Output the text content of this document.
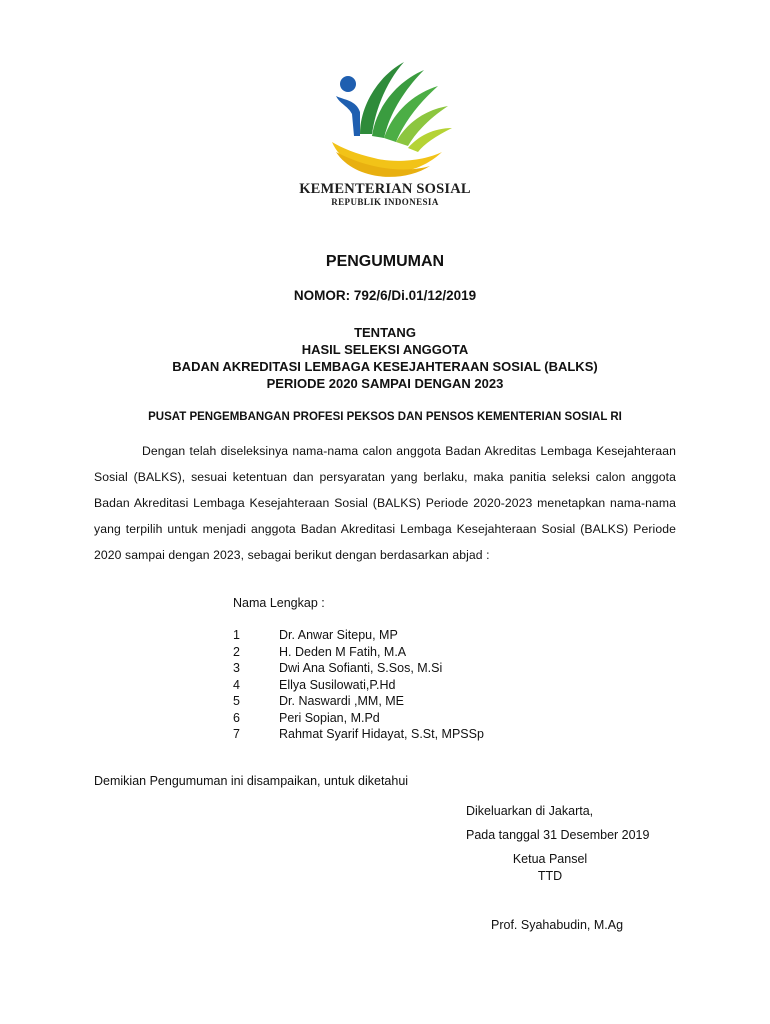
KEMENTERIAN SOSIAL
REPUBLIK INDONESIA
PENGUMUMAN
NOMOR: 792/6/Di.01/12/2019
TENTANG
HASIL SELEKSI ANGGOTA
BADAN AKREDITASI LEMBAGA KESEJAHTERAAN SOSIAL (BALKS)
PERIODE 2020 SAMPAI DENGAN 2023
PUSAT PENGEMBANGAN PROFESI PEKSOS DAN PENSOS KEMENTERIAN SOSIAL RI
Dengan telah diseleksinya nama-nama calon anggota Badan Akreditas Lembaga Kesejahteraan Sosial (BALKS), sesuai ketentuan dan persyaratan yang berlaku, maka panitia seleksi calon anggota Badan Akreditasi Lembaga Kesejahteraan Sosial (BALKS) Periode 2020-2023 menetapkan nama-nama yang terpilih untuk menjadi anggota Badan Akreditasi Lembaga Kesejahteraan Sosial (BALKS) Periode 2020 sampai dengan 2023, sebagai berikut dengan berdasarkan abjad :
Nama Lengkap :
1	Dr. Anwar Sitepu, MP
2	H. Deden M Fatih, M.A
3	Dwi Ana Sofianti, S.Sos, M.Si
4	Ellya Susilowati,P.Hd
5	Dr. Naswardi ,MM, ME
6	Peri Sopian, M.Pd
7	Rahmat Syarif Hidayat, S.St, MPSSp
Demikian Pengumuman ini disampaikan, untuk diketahui
Dikeluarkan di Jakarta,
Pada tanggal 31 Desember 2019
Ketua Pansel
TTD
Prof. Syahabudin, M.Ag
